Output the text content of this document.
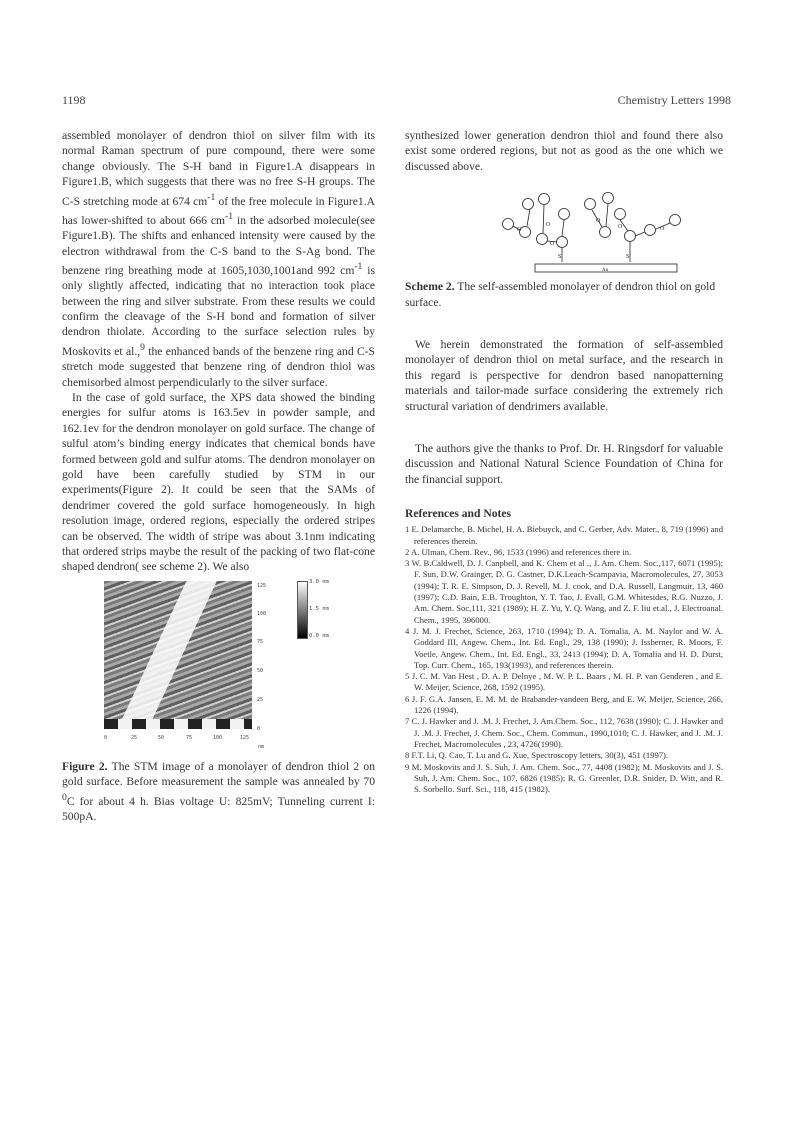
1198	Chemistry Letters 1998

assembled monolayer of dendron thiol on silver film with its normal Raman spectrum of pure compound, there were some change obviously. The S-H band in Figure1.A disappears in Figure1.B, which suggests that there was no free S-H groups. The C-S stretching mode at 674 $cm^{-1}$ of the free molecule in Figure1.A has lower-shifted to about 666 $cm^{-1}$ in the adsorbed molecule(see Figure1.B). The shifts and enhanced intensity were caused by the electron withdrawal from the C-S band to the S-Ag bond. The benzene ring breathing mode at 1605,1030,1001and 992 $cm^{-1}$ is only slightly affected, indicating that no interaction took place between the ring and silver substrate. From these results we could confirm the cleavage of the S-H bond and formation of silver dendron thiolate. According to the surface selection rules by Moskovits et al.,$^9$ the enhanced bands of the benzene ring and C-S stretch mode suggested that benzene ring of dendron thiol was chemisorbed almost perpendicularly to the silver surface.

In the case of gold surface, the XPS data showed the binding energies for sulfur atoms is 163.5ev in powder sample, and 162.1ev for the dendron monolayer on gold surface. The change of sulful atom’s binding energy indicates that chemical bonds have formed between gold and sulfur atoms. The dendron monolayer on gold have been carefully studied by STM in our experiments(Figure 2). It could be seen that the SAMs of dendrimer covered the gold surface homogeneously. In high resolution image, ordered regions, especially the ordered stripes can be observed. The width of stripe was about 3.1nm indicating that ordered strips maybe the result of the packing of two flat-cone shaped dendron( see scheme 2). We also

125
100
75
50
25
0
0	25	50	75	100	125
nm
3.0 nm
1.5 nm
0.0 nm

Figure 2. The STM image of a monolayer of dendron thiol 2 on gold surface. Before measurement the sample was annealed by 70 $^0$C for about 4 h. Bias voltage U: 825mV; Tunneling current I: 500pA.

synthesized lower generation dendron thiol and found there also exist some ordered regions, but not as good as the one which we discussed above.

O
O
O
O
O	O
S	S
Au

Scheme 2. The self-assembled monolayer of dendron thiol on gold surface.

We herein demonstrated the formation of self-assembled monolayer of dendron thiol on metal surface, and the research in this regard is perspective for dendron based nanopatterning materials and tailor-made surface considering the extremely rich structural variation of dendrimers available.

The authors give the thanks to Prof. Dr. H. Ringsdorf for valuable discussion and National Natural Science Foundation of China for the financial support.

References and Notes
1 E. Delamarche, B. Michel, H. A. Biebuyck, and C. Gerber, Adv. Mater., 8, 719 (1996) and references therein.
2 A. Ulman, Chem. Rev., 96, 1533 (1996) and references there in.
3 W. B.Caldwell, D. J. Canpbell, and K. Chem et al ., J. Am. Chem. Soc.,117, 6071 (1995); F. Sun, D.W. Grainger, D. G. Castner, D.K.Leach-Scampavia, Macromolecules, 27, 3053 (1994); T. R. E. Simpson, D. J. Revell, M. J. cook, and D.A. Russell, Langmuir, 13, 460 (1997); C.D. Bain, E.B. Troughton, Y. T. Tao, J. Evall, G.M. Whitesides, R.G. Nuzzo, J. Am. Chem. Soc,111, 321 (1989); H. Z. Yu, Y. Q. Wang, and Z. F. liu et.al., J. Electroanal. Chem., 1995, 396000.
4 J. M. J. Frechet, Science, 263, 1710 (1994); D. A. Tomalia, A. M. Naylor and W. A. Goddard III, Angew. Chem., Int. Ed. Engl., 29, 138 (1990); J. Issberner, R. Moors, F. Voetle, Angew. Chem., Int. Ed. Engl., 33, 2413 (1994); D. A. Tomalia and H. D. Durst, Top. Curr. Chem., 165, 193(1993), and references therein.
5 J. C. M. Van Hest , D. A. P. Delnye , M. W. P. L. Baars , M. H. P. van Genderen , and E. W. Meijer, Science, 268, 1592 (1995).
6 J. F. G.A. Jansen, E. M. M. de Brabander-vandeen Berg, and E. W. Meijer, Science, 266, 1226 (1994).
7 C. J. Hawker and J. .M. J. Frechet, J. Am.Chem. Soc., 112, 7638 (1990); C. J. Hawker and J. .M. J. Frechet, J. Chem. Soc., Chem. Commun., 1990,1010; C. J. Hawker, and J. .M. J. Frechet, Macromolecules , 23, 4726(1990).
8 F.T. Li, Q. Cao, T. Lu and G. Xue, Spectroscopy letters, 30(3), 451 (1997).
9 M. Moskovits and J. S. Suh, J. Am. Chem. Soc., 77, 4408 (1982); M. Moskovits and J. S. Suh, J. Am. Chem. Soc., 107, 6826 (1985); R. G. Greenler, D.R. Snider, D. Witt, and R. S. Sorbello. Surf. Sci., 118, 415 (1982).
